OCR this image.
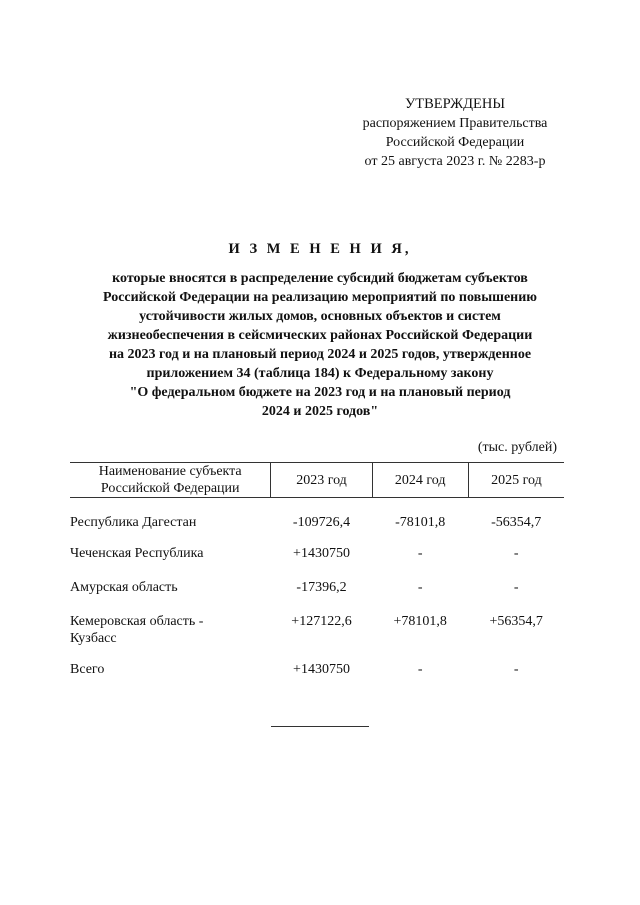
УТВЕРЖДЕНЫ
распоряжением Правительства
Российской Федерации
от 25 августа 2023 г. № 2283-р
И З М Е Н Е Н И Я,
которые вносятся в распределение субсидий бюджетам субъектов
Российской Федерации на реализацию мероприятий по повышению
устойчивости жилых домов, основных объектов и систем
жизнеобеспечения в сейсмических районах Российской Федерации
на 2023 год и на плановый период 2024 и 2025 годов, утвержденное
приложением 34 (таблица 184) к Федеральному закону
"О федеральном бюджете на 2023 год и на плановый период
2024 и 2025 годов"
(тыс. рублей)
Наименование субъекта
Российской Федерации	2023 год	2024 год	2025 год

Республика Дагестан	-109726,4	-78101,8	-56354,7

Чеченская Республика	+1430750	-	-

Амурская область	-17396,2	-	-

Кемеровская область -
Кузбасс	+127122,6	+78101,8	+56354,7

Всего	+1430750	-	-
